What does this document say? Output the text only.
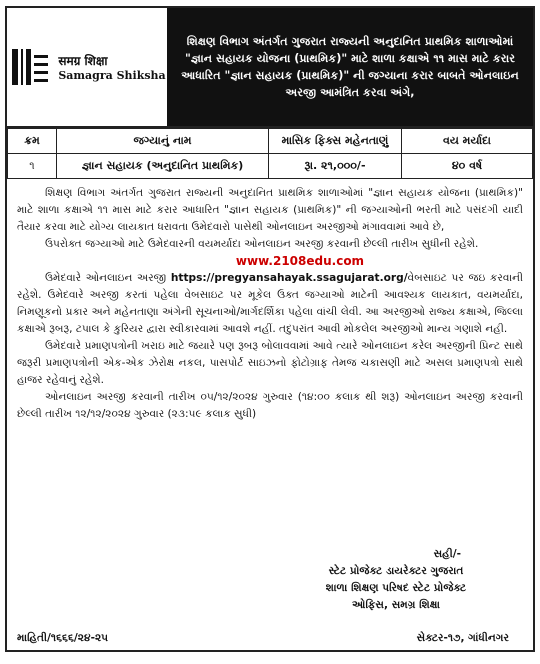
समग्र शिक्षा
Samagra Shiksha
શિક્ષણ વિભાગ અંતર્ગત ગુજરાત રાજ્યની અનુદાનિત પ્રાથમિક શાળાઓમાં "જ્ઞાન સહાયક યોજના (પ્રાથમિક)" માટે શાળા કક્ષાએ ૧૧ માસ માટે કરાર આધારિત "જ્ઞાન સહાયક (પ્રાથમિક)" ની જગ્યાના કરાર બાબતે ઓનલાઇન અરજી આમંત્રિત કરવા અંગે,
ક્રમ	જગ્યાનું નામ	માસિક ફિક્સ મહેનતાણું	વય મર્યાદા
૧	જ્ઞાન સહાયક (અનુદાનિત પ્રાથમિક)	રૂા. ૨૧,૦૦૦/-	૪૦ વર્ષ

શિક્ષણ વિભાગ અંતર્ગત ગુજરાત રાજ્યની અનુદાનિત પ્રાથમિક શાળાઓમાં "જ્ઞાન સહાયક યોજના (પ્રાથમિક)" માટે શાળા કક્ષાએ ૧૧ માસ માટે કરાર આધારિત "જ્ઞાન સહાયક (પ્રાથમિક)" ની જગ્યાઓની ભરતી માટે પસંદગી યાદી તૈયાર કરવા માટે યોગ્ય લાયકાત ધરાવતા ઉમેદવારો પાસેથી ઓનલાઇન અરજીઓ મંગાવવામાં આવે છે,

ઉપરોક્ત જગ્યાઓ માટે ઉમેદવારની વયમર્યાદા ઓનલાઇન અરજી કરવાની છેલ્લી તારીખ સુધીની રહેશે.

www.2108edu.com

ઉમેદવારે ઓનલાઇન અરજી https://pregyansahayak.ssagujarat.org/વેબસાઇટ પર જઇ કરવાની રહેશે. ઉમેદવારે અરજી કરતાં પહેલા વેબસાઇટ પર મૂકેલ ઉક્ત જગ્યાઓ માટેની આવશ્યક લાયકાત, વયમર્યાદા, નિમણૂકનો પ્રકાર અને મહેનતાણા અંગેની સૂચનાઓ/માર્ગદર્શિકા પહેલા વાંચી લેવી. આ અરજીઓ રાજ્ય કક્ષાએ, જિલ્લા કક્ષાએ રૂબરૂ, ટપાલ કે કુરિયર દ્વારા સ્વીકારવામાં આવશે નહીં. તદુપરાંત આવી મોકલેલ અરજીઓ માન્ય ગણાશે નહી.

ઉમેદવારે પ્રમાણપત્રોની ખરાઇ માટે જયારે પણ રૂબરૂ બોલાવવામાં આવે ત્યારે ઓનલાઇન કરેલ અરજીની પ્રિન્ટ સાથે જરૂરી પ્રમાણપત્રોની એક-એક ઝેરોક્ષ નકલ, પાસપોર્ટ સાઇઝનો ફોટોગ્રાફ તેમજ ચકાસણી માટે અસલ પ્રમાણપત્રો સાથે હાજર રહેવાનું રહેશે.

ઓનલાઇન અરજી કરવાની તારીખ ૦૫/૧૨/૨૦૨૪ ગુરુવાર (૧૪:૦૦ કલાક થી શરૂ) ઓનલાઇન અરજી કરવાની છેલ્લી તારીખ ૧૨/૧૨/૨૦૨૪ ગુરુવાર (૨૩:૫૯ કલાક સુધી)

સહી/-
સ્ટેટ પ્રોજેક્ટ ડાયરેક્ટર ગુજરાત
શાળા શિક્ષણ પરિષદ સ્ટેટ પ્રોજેક્ટ
ઓફિસ, સમગ્ર શિક્ષા
માહિતી/૧૬૬૬/૨૪-૨૫	સેક્ટર-૧૭, ગાંધીનગર
